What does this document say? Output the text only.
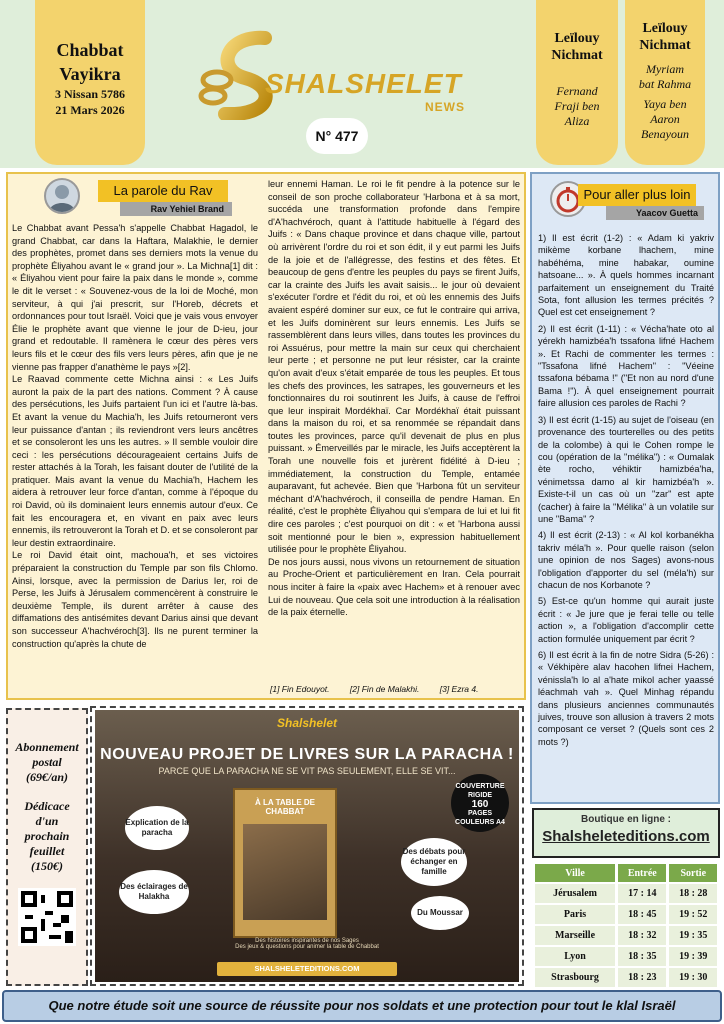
Chabbat
Vayikra
3 Nissan 5786
21 Mars 2026
SHALSHELET
NEWS
N° 477
Leïlouy
Nichmat
Fernand
Fraji ben
Aliza
Leïlouy
Nichmat
Myriam
bat Rahma
Yaya ben
Aaron
Benayoun
La parole du Rav
Rav Yehiel Brand

Le Chabbat avant Pessa'h s'appelle Chabbat Hagadol, le grand Chabbat, car dans la Haftara, Malakhie, le dernier des prophètes, promet dans ses derniers mots la venue du prophète Éliyahou avant le « grand jour ». La Michna[1] dit : « Éliyahou vient pour faire la paix dans le monde », comme le dit le verset : « Souvenez-vous de la loi de Moché, mon serviteur, à qui j'ai prescrit, sur l'Horeb, décrets et ordonnances pour tout Israël. Voici que je vais vous envoyer Élie le prophète avant que vienne le jour de D-ieu, jour grand et redoutable. Il ramènera le cœur des pères vers leurs fils et le cœur des fils vers leurs pères, afin que je ne vienne pas frapper d'anathème le pays »[2].

Le Raavad commente cette Michna ainsi : « Les Juifs auront la paix de la part des nations. Comment ? À cause des persécutions, les Juifs partaient l'un ici et l'autre là-bas. Et avant la venue du Machia'h, les Juifs retourneront vers leur puissance d'antan ; ils reviendront vers leurs ancêtres et se consoleront les uns les autres. » Il semble vouloir dire ceci : les persécutions décourageaient certains Juifs de rester attachés à la Torah, les faisant douter de l'utilité de la pratiquer. Mais avant la venue du Machia'h, Hachem les aidera à retrouver leur force d'antan, comme à l'époque du roi David, où ils dominaient leurs ennemis autour d'eux. Ce fait les encouragera et, en vivant en paix avec leurs ennemis, ils retrouveront la Torah et D. et se consoleront par leur destin extraordinaire.

Le roi David était oint, machoua'h, et ses victoires préparaient la construction du Temple par son fils Chlomo. Ainsi, lorsque, avec la permission de Darius Ier, roi de Perse, les Juifs à Jérusalem commencèrent à construire le deuxième Temple, ils durent arrêter à cause des diffamations des antisémites devant Darius ainsi que devant son successeur A'hachvéroch[3]. Ils ne purent terminer la construction qu'après la chute de

leur ennemi Haman. Le roi le fit pendre à la potence sur le conseil de son proche collaborateur 'Harbona et à sa mort, succéda une transformation profonde dans l'empire d'A'hachvéroch, quant à l'attitude habituelle à l'égard des Juifs : « Dans chaque province et dans chaque ville, partout où arrivèrent l'ordre du roi et son édit, il y eut parmi les Juifs de la joie et de l'allégresse, des festins et des fêtes. Et beaucoup de gens d'entre les peuples du pays se firent Juifs, car la crainte des Juifs les avait saisis... le jour où devaient s'exécuter l'ordre et l'édit du roi, et où les ennemis des Juifs avaient espéré dominer sur eux, ce fut le contraire qui arriva, et les Juifs dominèrent sur leurs ennemis. Les Juifs se rassemblèrent dans leurs villes, dans toutes les provinces du roi Assuérus, pour mettre la main sur ceux qui cherchaient leur perte ; et personne ne put leur résister, car la crainte qu'on avait d'eux s'était emparée de tous les peuples. Et tous les chefs des provinces, les satrapes, les gouverneurs et les fonctionnaires du roi soutinrent les Juifs, à cause de l'effroi que leur inspirait Mordékhaï. Car Mordékhaï était puissant dans la maison du roi, et sa renommée se répandait dans toutes les provinces, parce qu'il devenait de plus en plus puissant. » Émerveillés par le miracle, les Juifs acceptèrent la Torah une nouvelle fois et jurèrent fidélité à D-ieu ; immédiatement, la construction du Temple, entamée auparavant, fut achevée. Bien que 'Harbona fût un serviteur méchant d'A'hachvéroch, il conseilla de pendre Haman. En réalité, c'est le prophète Éliyahou qui s'empara de lui et lui fit dire ces paroles ; c'est pourquoi on dit : « et 'Harbona aussi soit mentionné pour le bien », expression habituellement utilisée pour le prophète Éliyahou.

De nos jours aussi, nous vivons un retournement de situation au Proche-Orient et particulièrement en Iran. Cela pourrait nous inciter à faire la «paix avec Hachem» et à renouer avec Lui de nouveau. Que cela soit une introduction à la réalisation de la paix éternelle.

[1] Fin Edouyot. [2] Fin de Malakhi. [3] Ezra 4.
Pour aller plus loin
Yaacov Guetta

1) Il est écrit (1-2) : « Adam ki yakriv mikème korbane lhachem, mine habéhéma, mine habakar, oumine hatsoane... ». À quels hommes incarnant parfaitement un enseignement du Traité Sota, font allusion les termes précités ? Quel est cet enseignement ?

2) Il est écrit (1-11) : « Vécha'hate oto al yérekh hamizbéa'h tssafona lifné Hachem ». Et Rachi de commenter les termes : "Tssafona lifné Hachem" : "Véeine tssafona bébama !" ("Et non au nord d'une Bama !"). À quel enseignement pourrait faire allusion ces paroles de Rachi ?

3) Il est écrit (1-15) au sujet de l'oiseau (en provenance des tourterelles ou des petits de la colombe) à qui le Cohen rompe le cou (opération de la "mélika") : « Oumalak ète rocho, véhiktir hamizbéa'ha, vénimetssa damo al kir hamizbéa'h ». Existe-t-il un cas où un "zar" est apte (cacher) à faire la "Mélika" à un volatile sur une "Bama" ?

4) Il est écrit (2-13) : « Al kol korbanékha takriv méla'h ». Pour quelle raison (selon une opinion de nos Sages) avons-nous l'obligation d'apporter du sel (méla'h) sur chacun de nos Korbanote ?

5) Est-ce qu'un homme qui aurait juste écrit : « Je jure que je ferai telle ou telle action », a l'obligation d'accomplir cette action formulée uniquement par écrit ?

6) Il est écrit à la fin de notre Sidra (5-26) : « Vékhipère alav hacohen lifnei Hachem, vénissla'h lo al a'hate mikol acher yaassé léachmah vah ». Quel Minhag répandu dans plusieurs anciennes communautés juives, trouve son allusion à travers 2 mots composant ce verset ? (Quels sont ces 2 mots ?)

Abonnement
postal
(69€/an)
Dédicace
d'un
prochain
feuillet
(150€)
Shalshelet
NOUVEAU PROJET DE LIVRES SUR LA PARACHA !
PARCE QUE LA PARACHA NE SE VIT PAS SEULEMENT, ELLE SE VIT...
Explication de la paracha
Des éclairages de Halakha
Des débats pour échanger en famille
Du Moussar
À LA TABLE DE CHABBAT
COUVERTURE
RIGIDE
160
PAGES
COULEURS A4
Des histoires inspirantes de nos Sages
Des jeux & questions pour animer la table de Chabbat
SHALSHELETEDITIONS.COM
Boutique en ligne :
Shalsheleteditions.com
Ville	Entrée	Sortie
Jérusalem	17 : 14	18 : 28
Paris	18 : 45	19 : 52
Marseille	18 : 32	19 : 35
Lyon	18 : 35	19 : 39
Strasbourg	18 : 23	19 : 30
Que notre étude soit une source de réussite pour nos soldats et une protection pour tout le klal Israël
